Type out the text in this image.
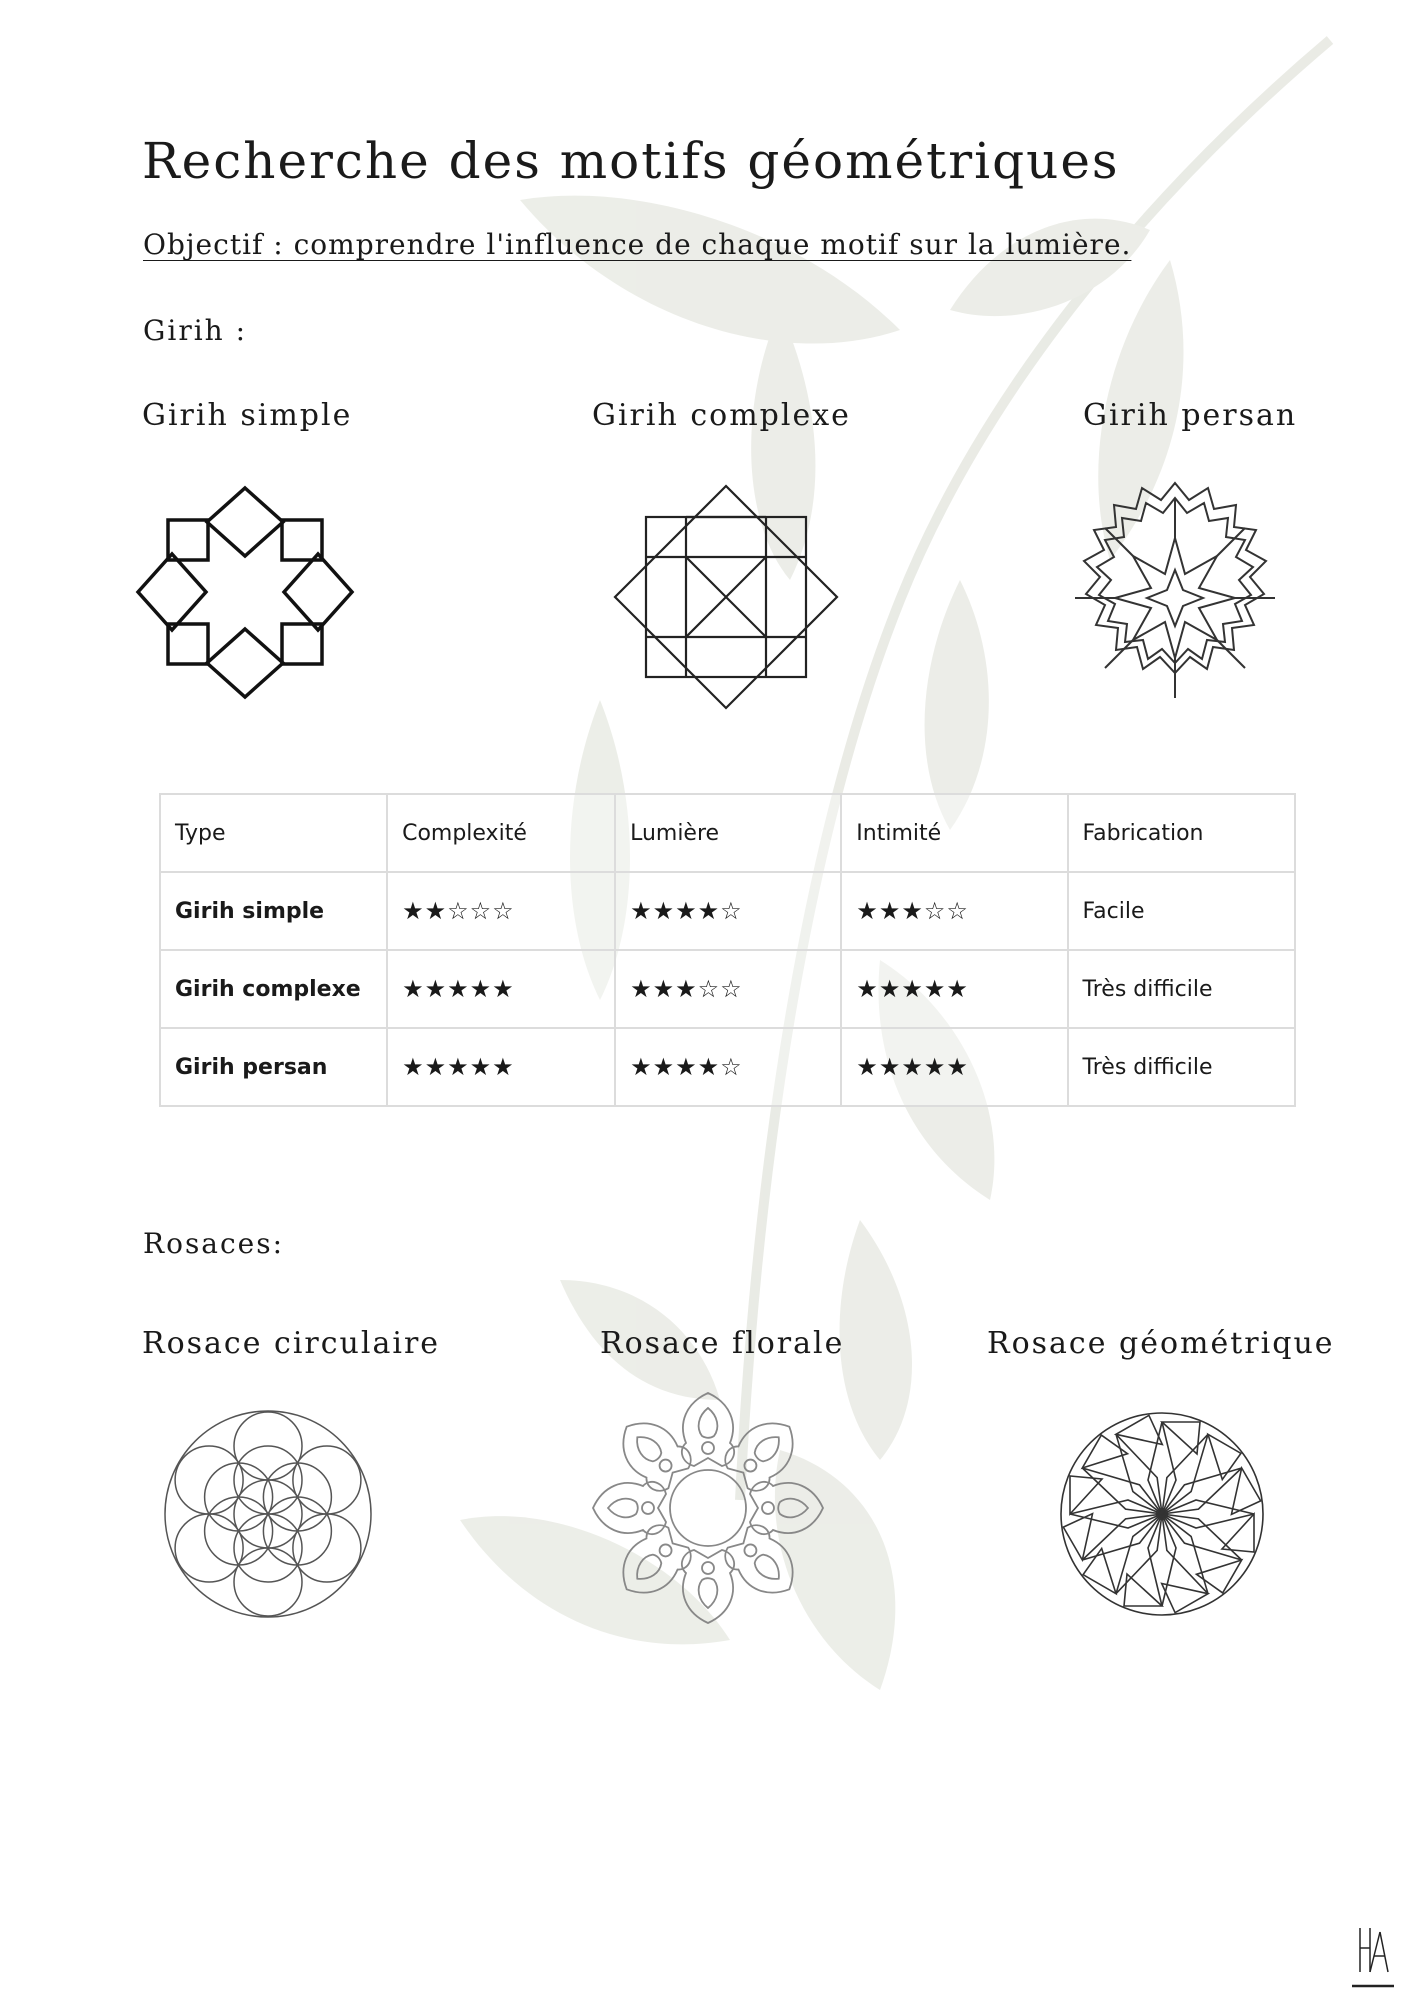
Recherche des motifs géométriques
Objectif : comprendre l'influence de chaque motif sur la lumière.
Girih :
Girih simple	Girih complexe	Girih persan
Type	Complexité	Lumière	Intimité	Fabrication
Girih simple	★★☆☆☆	★★★★☆	★★★☆☆	Facile
Girih complexe	★★★★★	★★★☆☆	★★★★★	Très difficile
Girih persan	★★★★★	★★★★☆	★★★★★	Très difficile
Rosaces:
Rosace circulaire	Rosace florale	Rosace géométrique
